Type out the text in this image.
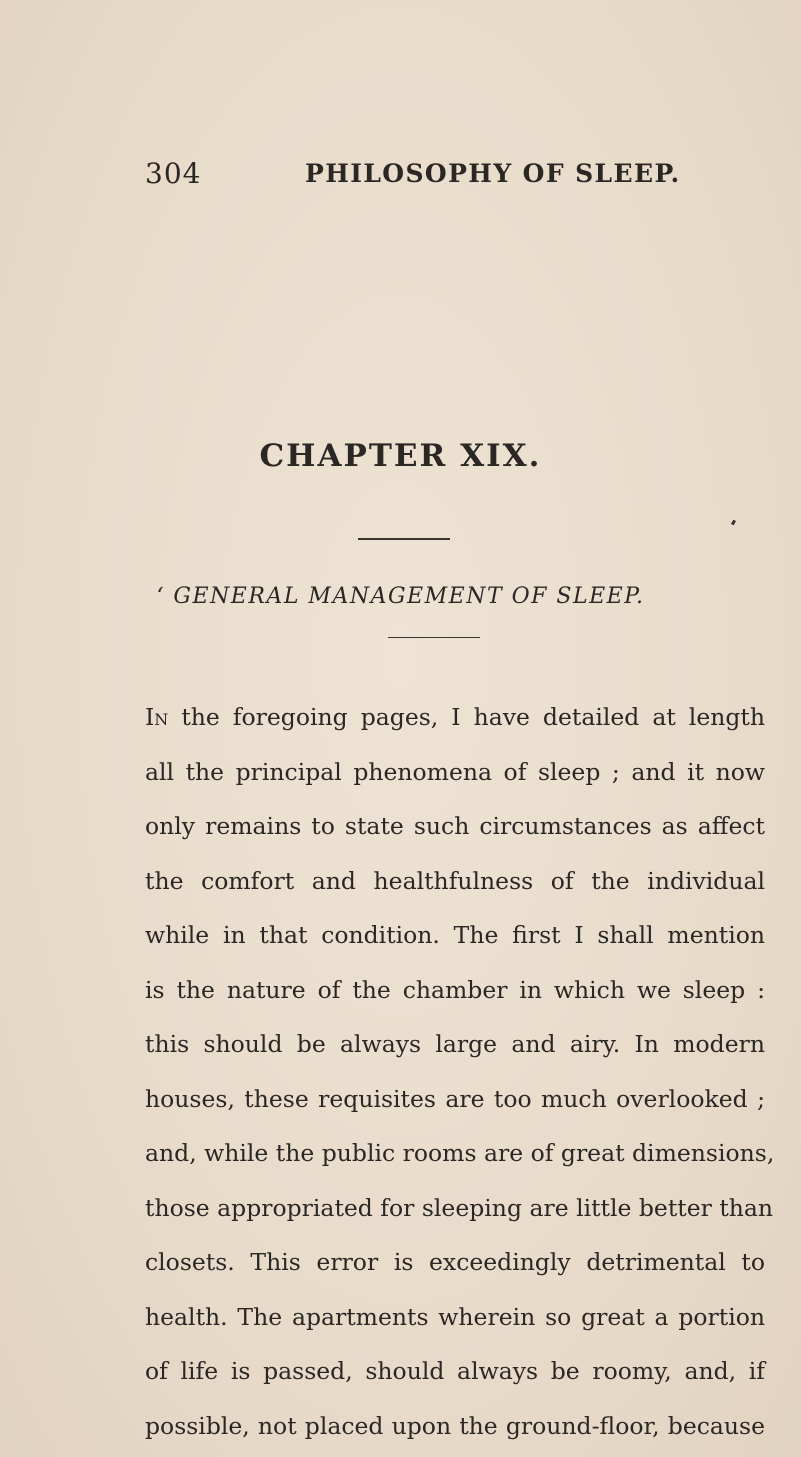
304	PHILOSOPHY OF SLEEP.
CHAPTER XIX.
‘ GENERAL MANAGEMENT OF SLEEP.
In the foregoing pages, I have detailed at length
all the principal phenomena of sleep ; and it now
only remains to state such circumstances as affect
the comfort and healthfulness of the individual
while in that condition. The first I shall mention
is the nature of the chamber in which we sleep :
this should be always large and airy. In modern
houses, these requisites are too much overlooked ;
and, while the public rooms are of great dimensions,
those appropriated for sleeping are little better than
closets. This error is exceedingly detrimental to
health. The apartments wherein so great a portion
of life is passed, should always be roomy, and, if
possible, not placed upon the ground-floor, because
